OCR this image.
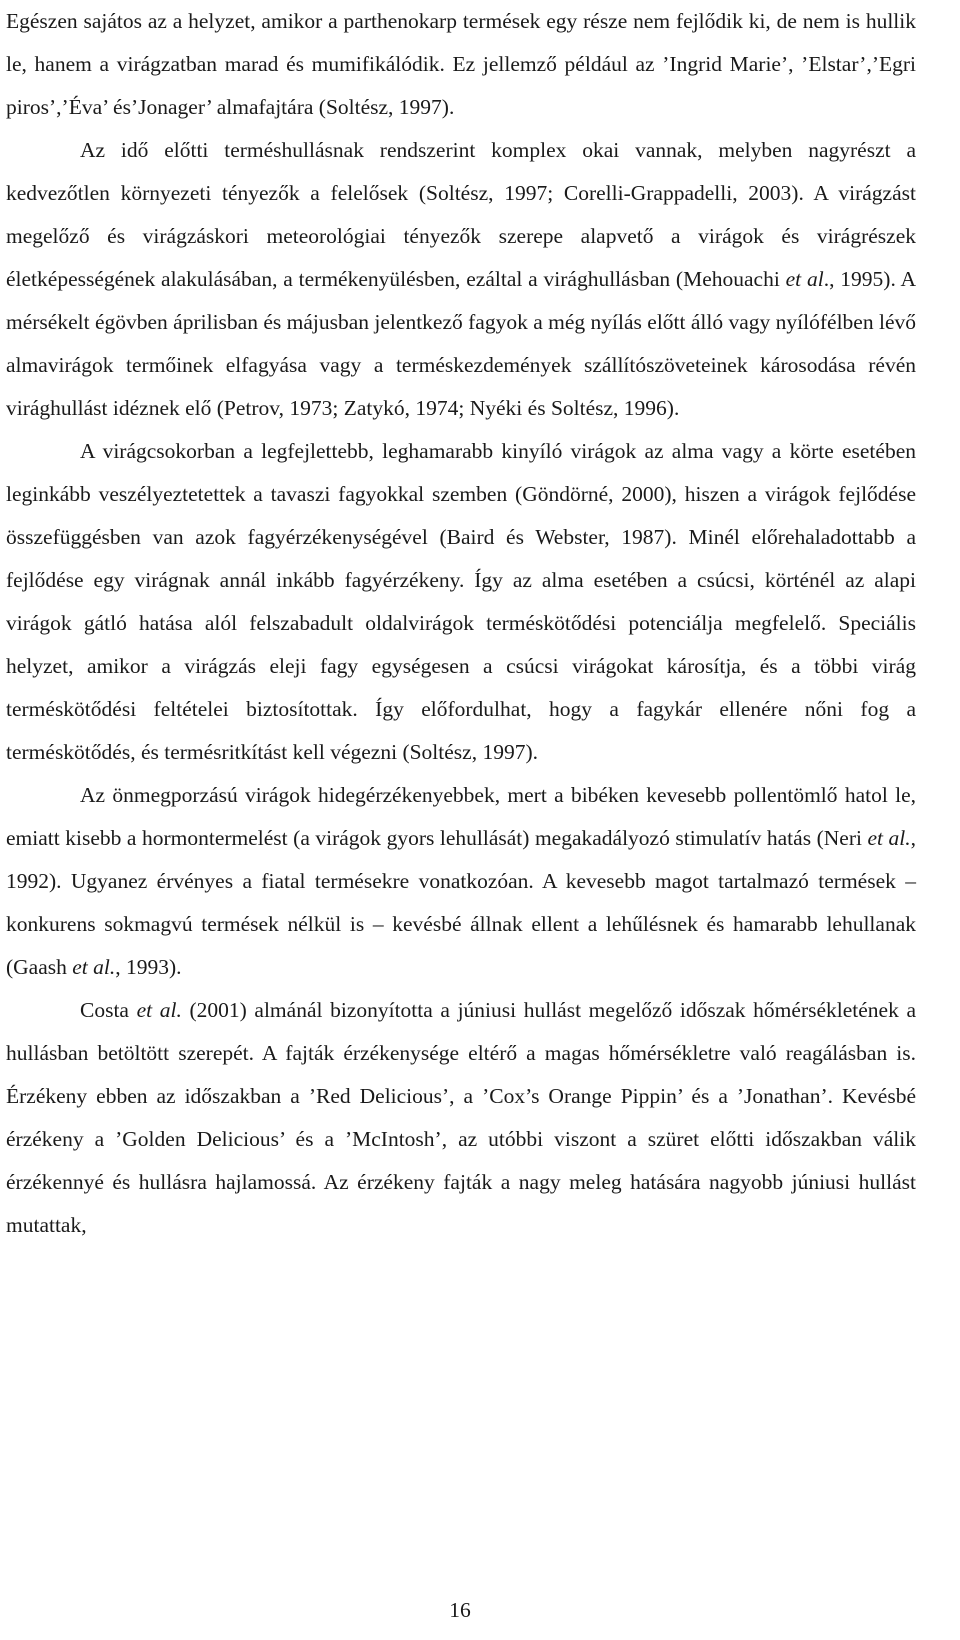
Egészen sajátos az a helyzet, amikor a parthenokarp termések egy része nem fejlődik ki, de nem is hullik le, hanem a virágzatban marad és mumifikálódik. Ez jellemző például az ’Ingrid Marie’, ’Elstar’,’Egri piros’,’Éva’ és’Jonager’ almafajtára (Soltész, 1997).

Az idő előtti terméshullásnak rendszerint komplex okai vannak, melyben nagyrészt a kedvezőtlen környezeti tényezők a felelősek (Soltész, 1997; Corelli-Grappadelli, 2003). A virágzást megelőző és virágzáskori meteorológiai tényezők szerepe alapvető a virágok és virágrészek életképességének alakulásában, a termékenyülésben, ezáltal a virághullásban (Mehouachi et al., 1995). A mérsékelt égövben áprilisban és májusban jelentkező fagyok a még nyílás előtt álló vagy nyílófélben lévő almavirágok termőinek elfagyása vagy a terméskezdemények szállítószöveteinek károsodása révén virághullást idéznek elő (Petrov, 1973; Zatykó, 1974; Nyéki és Soltész, 1996).

A virágcsokorban a legfejlettebb, leghamarabb kinyíló virágok az alma vagy a körte esetében leginkább veszélyeztetettek a tavaszi fagyokkal szemben (Göndörné, 2000), hiszen a virágok fejlődése összefüggésben van azok fagyérzékenységével (Baird és Webster, 1987). Minél előrehaladottabb a fejlődése egy virágnak annál inkább fagyérzékeny. Így az alma esetében a csúcsi, körténél az alapi virágok gátló hatása alól felszabadult oldalvirágok terméskötődési potenciálja megfelelő. Speciális helyzet, amikor a virágzás eleji fagy egységesen a csúcsi virágokat károsítja, és a többi virág terméskötődési feltételei biztosítottak. Így előfordulhat, hogy a fagykár ellenére nőni fog a terméskötődés, és termésritkítást kell végezni (Soltész, 1997).

Az önmegporzású virágok hidegérzékenyebbek, mert a bibéken kevesebb pollentömlő hatol le, emiatt kisebb a hormontermelést (a virágok gyors lehullását) megakadályozó stimulatív hatás (Neri et al., 1992). Ugyanez érvényes a fiatal termésekre vonatkozóan. A kevesebb magot tartalmazó termések – konkurens sokmagvú termések nélkül is – kevésbé állnak ellent a lehűlésnek és hamarabb lehullanak (Gaash et al., 1993).

Costa et al. (2001) almánál bizonyította a júniusi hullást megelőző időszak hőmérsékletének a hullásban betöltött szerepét. A fajták érzékenysége eltérő a magas hőmérsékletre való reagálásban is. Érzékeny ebben az időszakban a ’Red Delicious’, a ’Cox’s Orange Pippin’ és a ’Jonathan’. Kevésbé érzékeny a ’Golden Delicious’ és a ’McIntosh’, az utóbbi viszont a szüret előtti időszakban válik érzékennyé és hullásra hajlamossá. Az érzékeny fajták a nagy meleg hatására nagyobb júniusi hullást mutattak,

16
